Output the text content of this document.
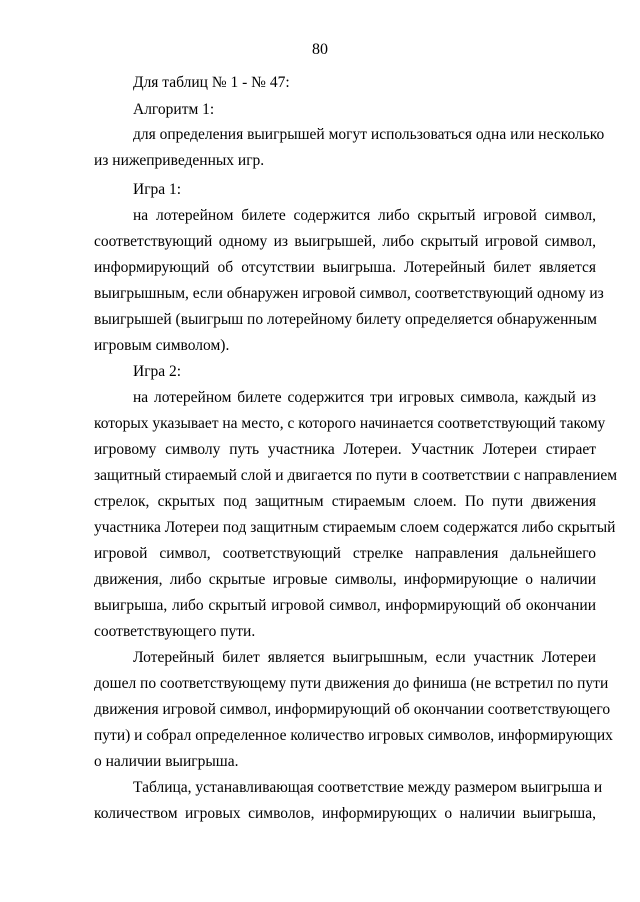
80
Для таблиц № 1 - № 47:
Алгоритм 1:
для определения выигрышей могут использоваться одна или несколько
из нижеприведенных игр.
Игра 1:
на лотерейном билете содержится либо скрытый игровой символ,
соответствующий одному из выигрышей, либо скрытый игровой символ,
информирующий об отсутствии выигрыша. Лотерейный билет является
выигрышным, если обнаружен игровой символ, соответствующий одному из
выигрышей (выигрыш по лотерейному билету определяется обнаруженным
игровым символом).
Игра 2:
на лотерейном билете содержится три игровых символа, каждый из
которых указывает на место, с которого начинается соответствующий такому
игровому символу путь участника Лотереи. Участник Лотереи стирает
защитный стираемый слой и двигается по пути в соответствии с направлением
стрелок, скрытых под защитным стираемым слоем. По пути движения
участника Лотереи под защитным стираемым слоем содержатся либо скрытый
игровой символ, соответствующий стрелке направления дальнейшего
движения, либо скрытые игровые символы, информирующие о наличии
выигрыша, либо скрытый игровой символ, информирующий об окончании
соответствующего пути.
Лотерейный билет является выигрышным, если участник Лотереи
дошел по соответствующему пути движения до финиша (не встретил по пути
движения игровой символ, информирующий об окончании соответствующего
пути) и собрал определенное количество игровых символов, информирующих
о наличии выигрыша.
Таблица, устанавливающая соответствие между размером выигрыша и
количеством игровых символов, информирующих о наличии выигрыша,
